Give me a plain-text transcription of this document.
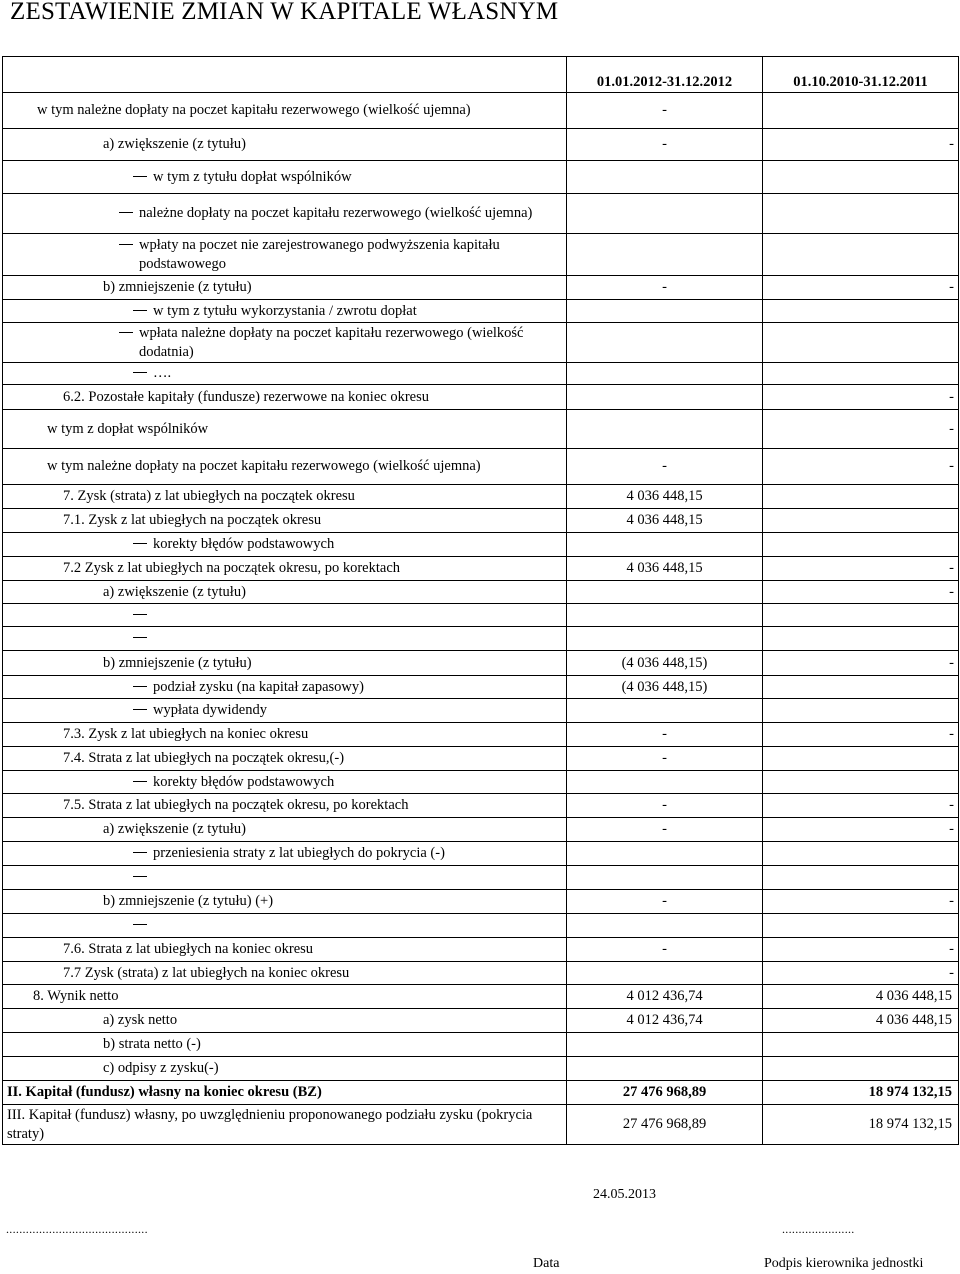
ZESTAWIENIE ZMIAN W KAPITALE WŁASNYM
	01.01.2012-31.12.2012	01.10.2010-31.12.2011
w tym należne dopłaty na poczet kapitału rezerwowego (wielkość ujemna)	-	
a) zwiększenie (z tytułu)	-	-
w tym z tytułu dopłat wspólników		
należne dopłaty na poczet kapitału rezerwowego (wielkość ujemna)		
wpłaty na poczet nie zarejestrowanego podwyższenia kapitału podstawowego		
b) zmniejszenie (z tytułu)	-	-
w tym z tytułu wykorzystania / zwrotu dopłat		
wpłata należne dopłaty na poczet kapitału rezerwowego (wielkość dodatnia)		
….		
6.2. Pozostałe kapitały (fundusze) rezerwowe na koniec okresu		-
w tym z dopłat wspólników		-
w tym należne dopłaty na poczet kapitału rezerwowego (wielkość ujemna)	-	-
7. Zysk (strata) z lat ubiegłych na początek okresu	4 036 448,15	
7.1. Zysk z lat ubiegłych na początek okresu	4 036 448,15	
korekty błędów podstawowych		
7.2 Zysk z lat ubiegłych na początek okresu, po korektach	4 036 448,15	-
a) zwiększenie (z tytułu)		-

b) zmniejszenie (z tytułu)	(4 036 448,15)	-
podział zysku (na kapitał zapasowy)	(4 036 448,15)	
wypłata dywidendy		
7.3. Zysk z lat ubiegłych na koniec okresu	-	-
7.4. Strata z lat ubiegłych na początek okresu,(-)	-	
korekty błędów podstawowych		
7.5. Strata z lat ubiegłych na początek okresu, po korektach	-	-
a) zwiększenie (z tytułu)	-	-
przeniesienia straty z lat ubiegłych do pokrycia (-)		

b) zmniejszenie (z tytułu) (+)	-	-

7.6. Strata z lat ubiegłych na koniec okresu	-	-
7.7 Zysk (strata) z lat ubiegłych na koniec okresu		-
8. Wynik netto	4 012 436,74	4 036 448,15
a) zysk netto	4 012 436,74	4 036 448,15
b) strata netto (-)		
c) odpisy z zysku(-)		
II. Kapitał (fundusz) własny na koniec okresu (BZ)	27 476 968,89	18 974 132,15
III. Kapitał (fundusz) własny, po uwzględnieniu proponowanego podziału zysku (pokrycia straty)	27 476 968,89	18 974 132,15
24.05.2013
...........................................	......................
Data	Podpis kierownika jednostki
